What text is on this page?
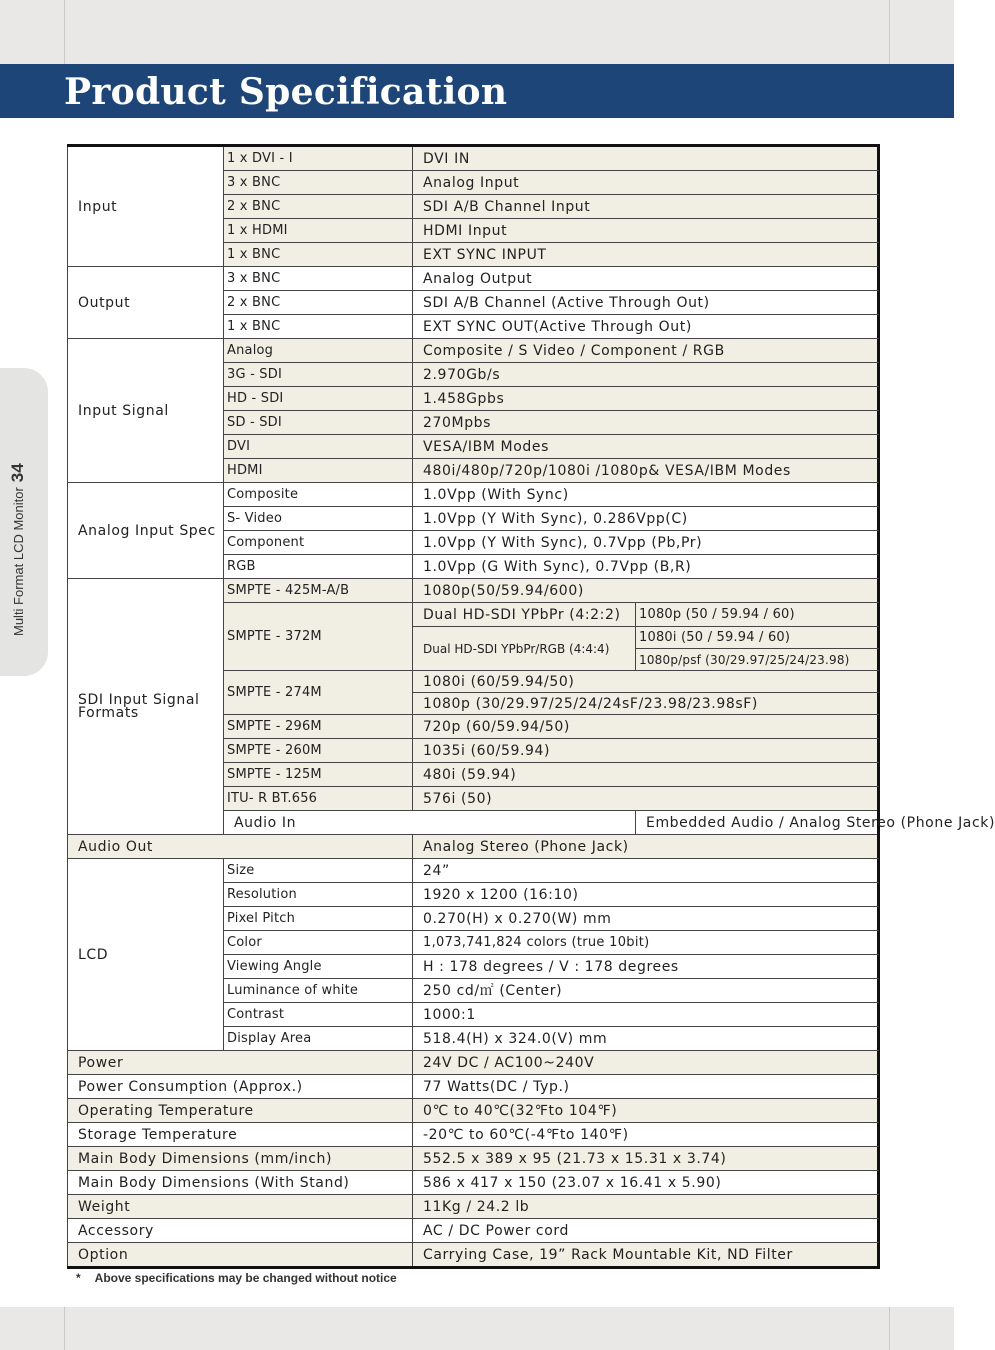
Product Specification
Multi Format LCD Monitor34
Input	1 x DVI - I	DVI IN	
	3 x BNC	Analog Input	
	2 x BNC	SDI A/B Channel Input	
	1 x HDMI	HDMI Input	
	1 x BNC	EXT SYNC INPUT	
Output	3 x BNC	Analog Output	
	2 x BNC	SDI A/B Channel (Active Through Out)	
	1 x BNC	EXT SYNC OUT(Active Through Out)	
Input Signal	Analog	Composite / S Video / Component / RGB	
	3G - SDI	2.970Gb/s	
	HD - SDI	1.458Gpbs	
	SD - SDI	270Mpbs	
	DVI	VESA/IBM Modes	
	HDMI	480i/480p/720p/1080i /1080p& VESA/IBM Modes	
Analog Input Spec	Composite	1.0Vpp (With Sync)	
	S- Video	1.0Vpp (Y With Sync), 0.286Vpp(C)	
	Component	1.0Vpp (Y With Sync), 0.7Vpp (Pb,Pr)	
	RGB	1.0Vpp (G With Sync), 0.7Vpp (B,R)	
SDI Input Signal Formats	SMPTE - 425M-A/B	1080p(50/59.94/600)	
	SMPTE - 372M	Dual HD-SDI YPbPr (4:2:2)	1080p (50 / 59.94 / 60)
		Dual HD-SDI YPbPr/RGB (4:4:4)	1080i (50 / 59.94 / 60)
			1080p/psf (30/29.97/25/24/23.98)
	SMPTE - 274M	1080i (60/59.94/50)	
		1080p (30/29.97/25/24/24sF/23.98/23.98sF)	
	SMPTE - 296M	720p (60/59.94/50)	
	SMPTE - 260M	1035i (60/59.94)	
	SMPTE - 125M	480i (59.94)	
	ITU- R BT.656	576i (50)	
	Audio In		Embedded Audio / Analog Stereo (Phone Jack)
Audio Out		Analog Stereo (Phone Jack)	
LCD	Size	24”	
	Resolution	1920 x 1200 (16:10)	
	Pixel Pitch	0.270(H) x 0.270(W) mm	
	Color	1,073,741,824 colors (true 10bit)	
	Viewing Angle	H : 178 degrees / V : 178 degrees	
	Luminance of white	250 cd/㎡ (Center)	
	Contrast	1000:1	
	Display Area	518.4(H) x 324.0(V) mm	
Power		24V DC / AC100~240V	
Power Consumption (Approx.)		77 Watts(DC / Typ.)	
Operating Temperature		0℃ to 40℃(32℉to 104℉)	
Storage Temperature		-20℃ to 60℃(-4℉to 140℉)	
Main Body Dimensions (mm/inch)		552.5 x 389 x 95 (21.73 x 15.31 x 3.74)	
Main Body Dimensions (With Stand)		586 x 417 x 150 (23.07 x 16.41 x 5.90)	
Weight		11Kg / 24.2 lb	
Accessory		AC / DC Power cord	
Option		Carrying Case, 19” Rack Mountable Kit, ND Filter	
* Above specifications may be changed without notice
